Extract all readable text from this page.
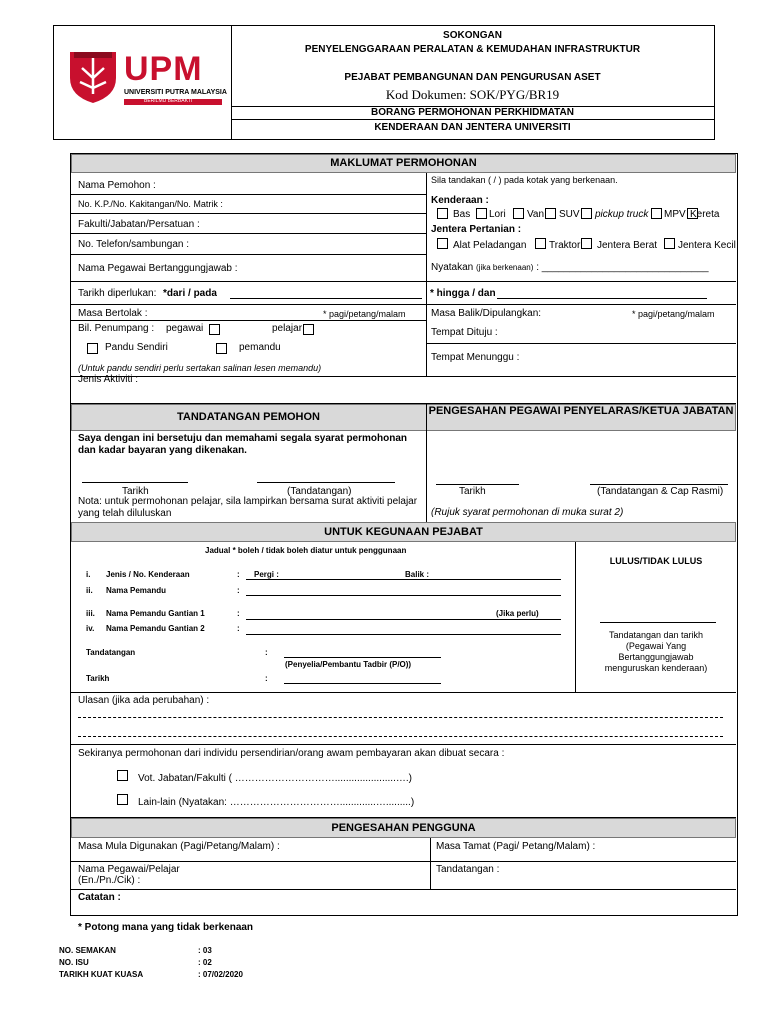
UPM
UPM
UNIVERSITI PUTRA MALAYSIA
BERILMU BERBAKTI
SOKONGAN
PENYELENGGARAAN PERALATAN & KEMUDAHAN INFRASTRUKTUR
PEJABAT PEMBANGUNAN DAN PENGURUSAN ASET
Kod Dokumen: SOK/PYG/BR19
BORANG PERMOHONAN PERKHIDMATAN
KENDERAAN DAN JENTERA UNIVERSITI
MAKLUMAT PERMOHONAN
Nama Pemohon :
No. K.P./No. Kakitangan/No. Matrik :
Fakulti/Jabatan/Persatuan :
No. Telefon/sambungan :
Nama Pegawai Bertanggungjawab :
Sila tandakan ( / ) pada kotak yang berkenaan.
Kenderaan :
Bas Lori Van SUV pickup truck MPV Kereta
Jentera Pertanian :
Alat Peladangan Traktor Jentera Berat Jentera Kecil
Nyatakan (jika berkenaan) : ______________________________
Tarikh diperlukan: *dari / pada	* hingga / dan
Masa Bertolak :	* pagi/petang/malam	Masa Balik/Dipulangkan:	* pagi/petang/malam
Bil. Penumpang : pegawai	pelajar	Tempat Dituju :
Pandu Sendiri	pemandu
(Untuk pandu sendiri perlu sertakan salinan lesen memandu)
Tempat Menunggu :
Jenis Aktiviti :
TANDATANGAN PEMOHON	PENGESAHAN PEGAWAI PENYELARAS/KETUA JABATAN
Saya dengan ini bersetuju dan memahami segala syarat permohonan dan kadar bayaran yang dikenakan.
Tarikh	(Tandatangan)
Nota: untuk permohonan pelajar, sila lampirkan bersama surat aktiviti pelajar yang telah diluluskan
Tarikh	(Tandatangan & Cap Rasmi)
(Rujuk syarat permohonan di muka surat 2)
UNTUK KEGUNAAN PEJABAT
Jadual * boleh / tidak boleh diatur untuk penggunaan
i. Jenis / No. Kenderaan	: Pergi :	Balik :
ii. Nama Pemandu	:
iii. Nama Pemandu Gantian 1	:	(Jika perlu)
iv. Nama Pemandu Gantian 2	:
Tandatangan	:
(Penyelia/Pembantu Tadbir (P/O))
Tarikh	:
LULUS/TIDAK LULUS
Tandatangan dan tarikh
(Pegawai Yang
Bertanggungjawab
menguruskan kenderaan)
Ulasan (jika ada perubahan) :
Sekiranya permohonan dari individu persendirian/orang awam pembayaran akan dibuat secara :
Vot. Jabatan/Fakulti ( …………………………......................….)
Lain-lain (Nyatakan: …………………………….............….........)
PENGESAHAN PENGGUNA
Masa Mula Digunakan (Pagi/Petang/Malam) :	Masa Tamat (Pagi/ Petang/Malam) :
Nama Pegawai/Pelajar
(En./Pn./Cik) :
Tandatangan :
Catatan :
* Potong mana yang tidak berkenaan
NO. SEMAKAN	: 03
NO. ISU	: 02
TARIKH KUAT KUASA	: 07/02/2020
